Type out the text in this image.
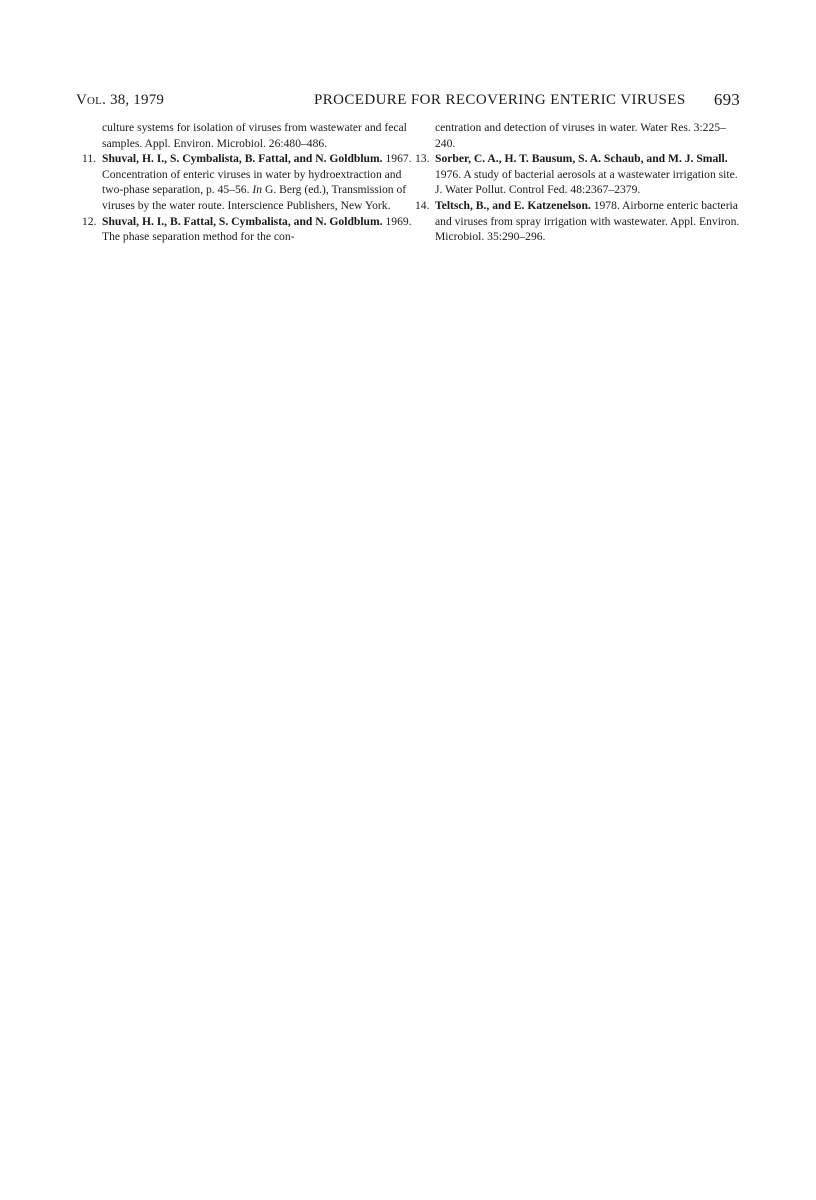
Vol. 38, 1979	PROCEDURE FOR RECOVERING ENTERIC VIRUSES 693

culture systems for isolation of viruses from wastewater and fecal samples. Appl. Environ. Microbiol. 26:480–486.

11. Shuval, H. I., S. Cymbalista, B. Fattal, and N. Goldblum. 1967. Concentration of enteric viruses in water by hydroextraction and two-phase separation, p. 45–56. In G. Berg (ed.), Transmission of viruses by the water route. Interscience Publishers, New York.

12. Shuval, H. I., B. Fattal, S. Cymbalista, and N. Goldblum. 1969. The phase separation method for the con-

centration and detection of viruses in water. Water Res. 3:225–240.

13. Sorber, C. A., H. T. Bausum, S. A. Schaub, and M. J. Small. 1976. A study of bacterial aerosols at a wastewater irrigation site. J. Water Pollut. Control Fed. 48:2367–2379.

14. Teltsch, B., and E. Katzenelson. 1978. Airborne enteric bacteria and viruses from spray irrigation with wastewater. Appl. Environ. Microbiol. 35:290–296.
